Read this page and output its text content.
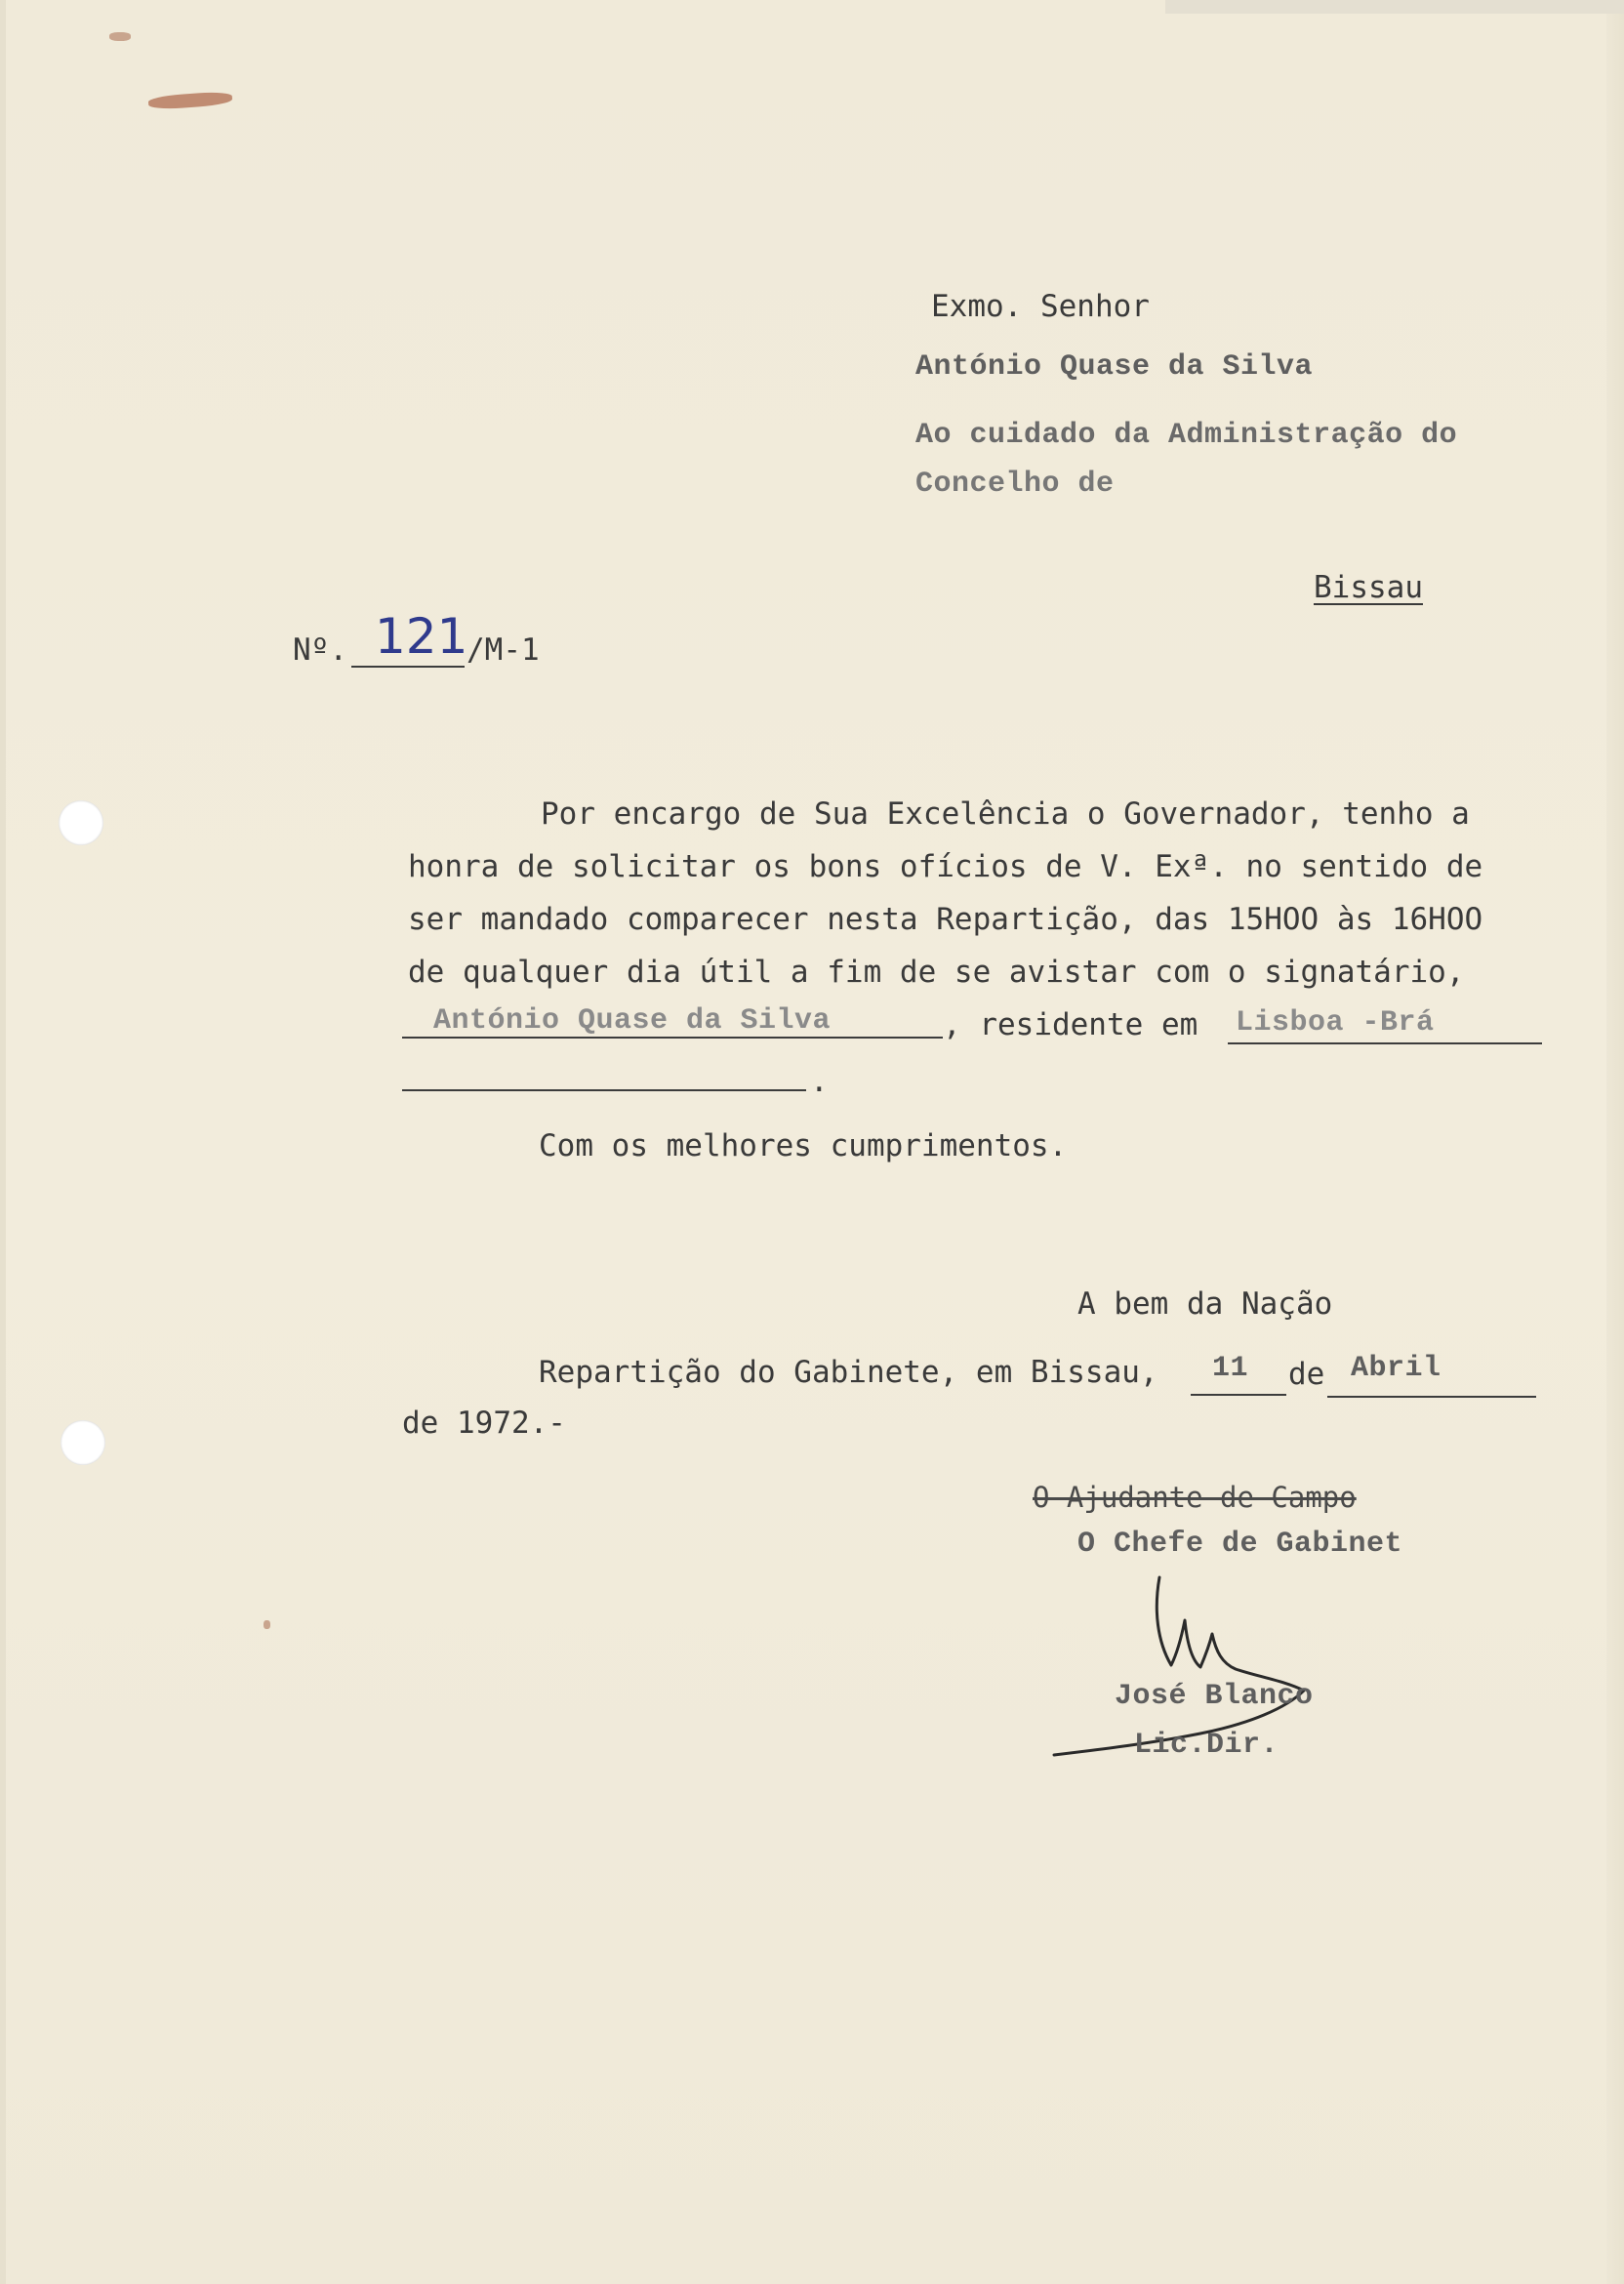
Exmo. Senhor
António Quase da Silva
Ao cuidado da Administração do
Concelho de
Bissau
Nº. 121
/M-1
Por encargo de Sua Excelência o Governador, tenho a
honra de solicitar os bons ofícios de V. Exª. no sentido de
ser mandado comparecer nesta Repartição, das 15HOO às 16HOO
de qualquer dia útil a fim de se avistar com o signatário,
António Quase da Silva	, residente em Lisboa -Brá
.
Com os melhores cumprimentos.
A bem da Nação
Repartição do Gabinete, em Bissau, 11 de Abril
de 1972.-
O Ajudante de Campo
O Chefe de Gabinet
José Blanco
Lic.Dir.
